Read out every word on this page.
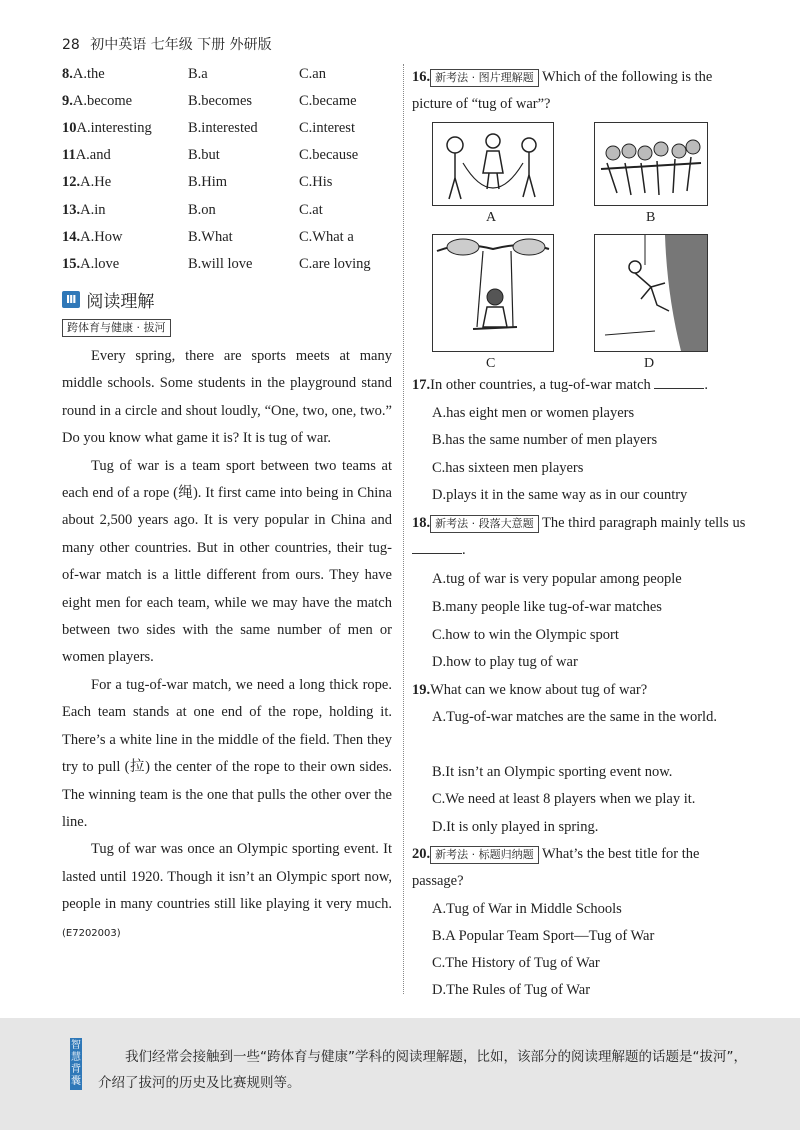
28 初中英语 七年级 下册 外研版
8.A.the	B.a	C.an
9.A.become	B.becomes	C.became
10A.interesting B.interested	C.interest
11A.and	B.but	C.because
12.A.He	B.Him	C.His
13.A.in	B.on	C.at
14.A.How	B.What	C.What a
15.A.love	B.will love	C.are loving
Ⅲ 阅读理解
跨体育与健康 · 拔河

Every spring, there are sports meets at many middle schools. Some students in the playground stand round in a circle and shout loudly, “One, two, one, two.” Do you know what game it is? It is tug of war.

Tug of war is a team sport between two teams at each end of a rope (绳). It first came into being in China about 2,500 years ago. It is very popular in China and many other countries. But in other countries, their tug-of-war match is a little different from ours. They have eight men for each team, while we may have the match between two sides with the same number of men or women players.

For a tug-of-war match, we need a long thick rope. Each team stands at one end of the rope, holding it. There’s a white line in the middle of the field. Then they try to pull (拉) the center of the rope to their own sides. The winning team is the one that pulls the other over the line.

Tug of war was once an Olympic sporting event. It lasted until 1920. Though it isn’t an Olympic sport now, people in many countries still like playing it very much. (E7202003)

16. 新考法 · 图片理解题 Which of the following is the picture of “tug of war”?
A	B
C	D
17.In other countries, a tug-of-war match	.
A.has eight men or women players
B.has the same number of men players
C.has sixteen men players
D.plays it in the same way as in our country
18. 新考法 · 段落大意题 The third paragraph mainly tells us .
A.tug of war is very popular among people
B.many people like tug-of-war matches
C.how to win the Olympic sport
D.how to play tug of war
19.What can we know about tug of war?
A.Tug-of-war matches are the same in the world.
B.It isn’t an Olympic sporting event now.
C.We need at least 8 players when we play it.
D.It is only played in spring.
20. 新考法 · 标题归纳题 What’s the best title for the passage?
A.Tug of War in Middle Schools
B.A Popular Team Sport—Tug of War
C.The History of Tug of War
D.The Rules of Tug of War
智慧背囊
我们经常会接触到一些“跨体育与健康”学科的阅读理解题，比如，该部分的阅读理解题的话题是“拔河”，介绍了拔河的历史及比赛规则等。
